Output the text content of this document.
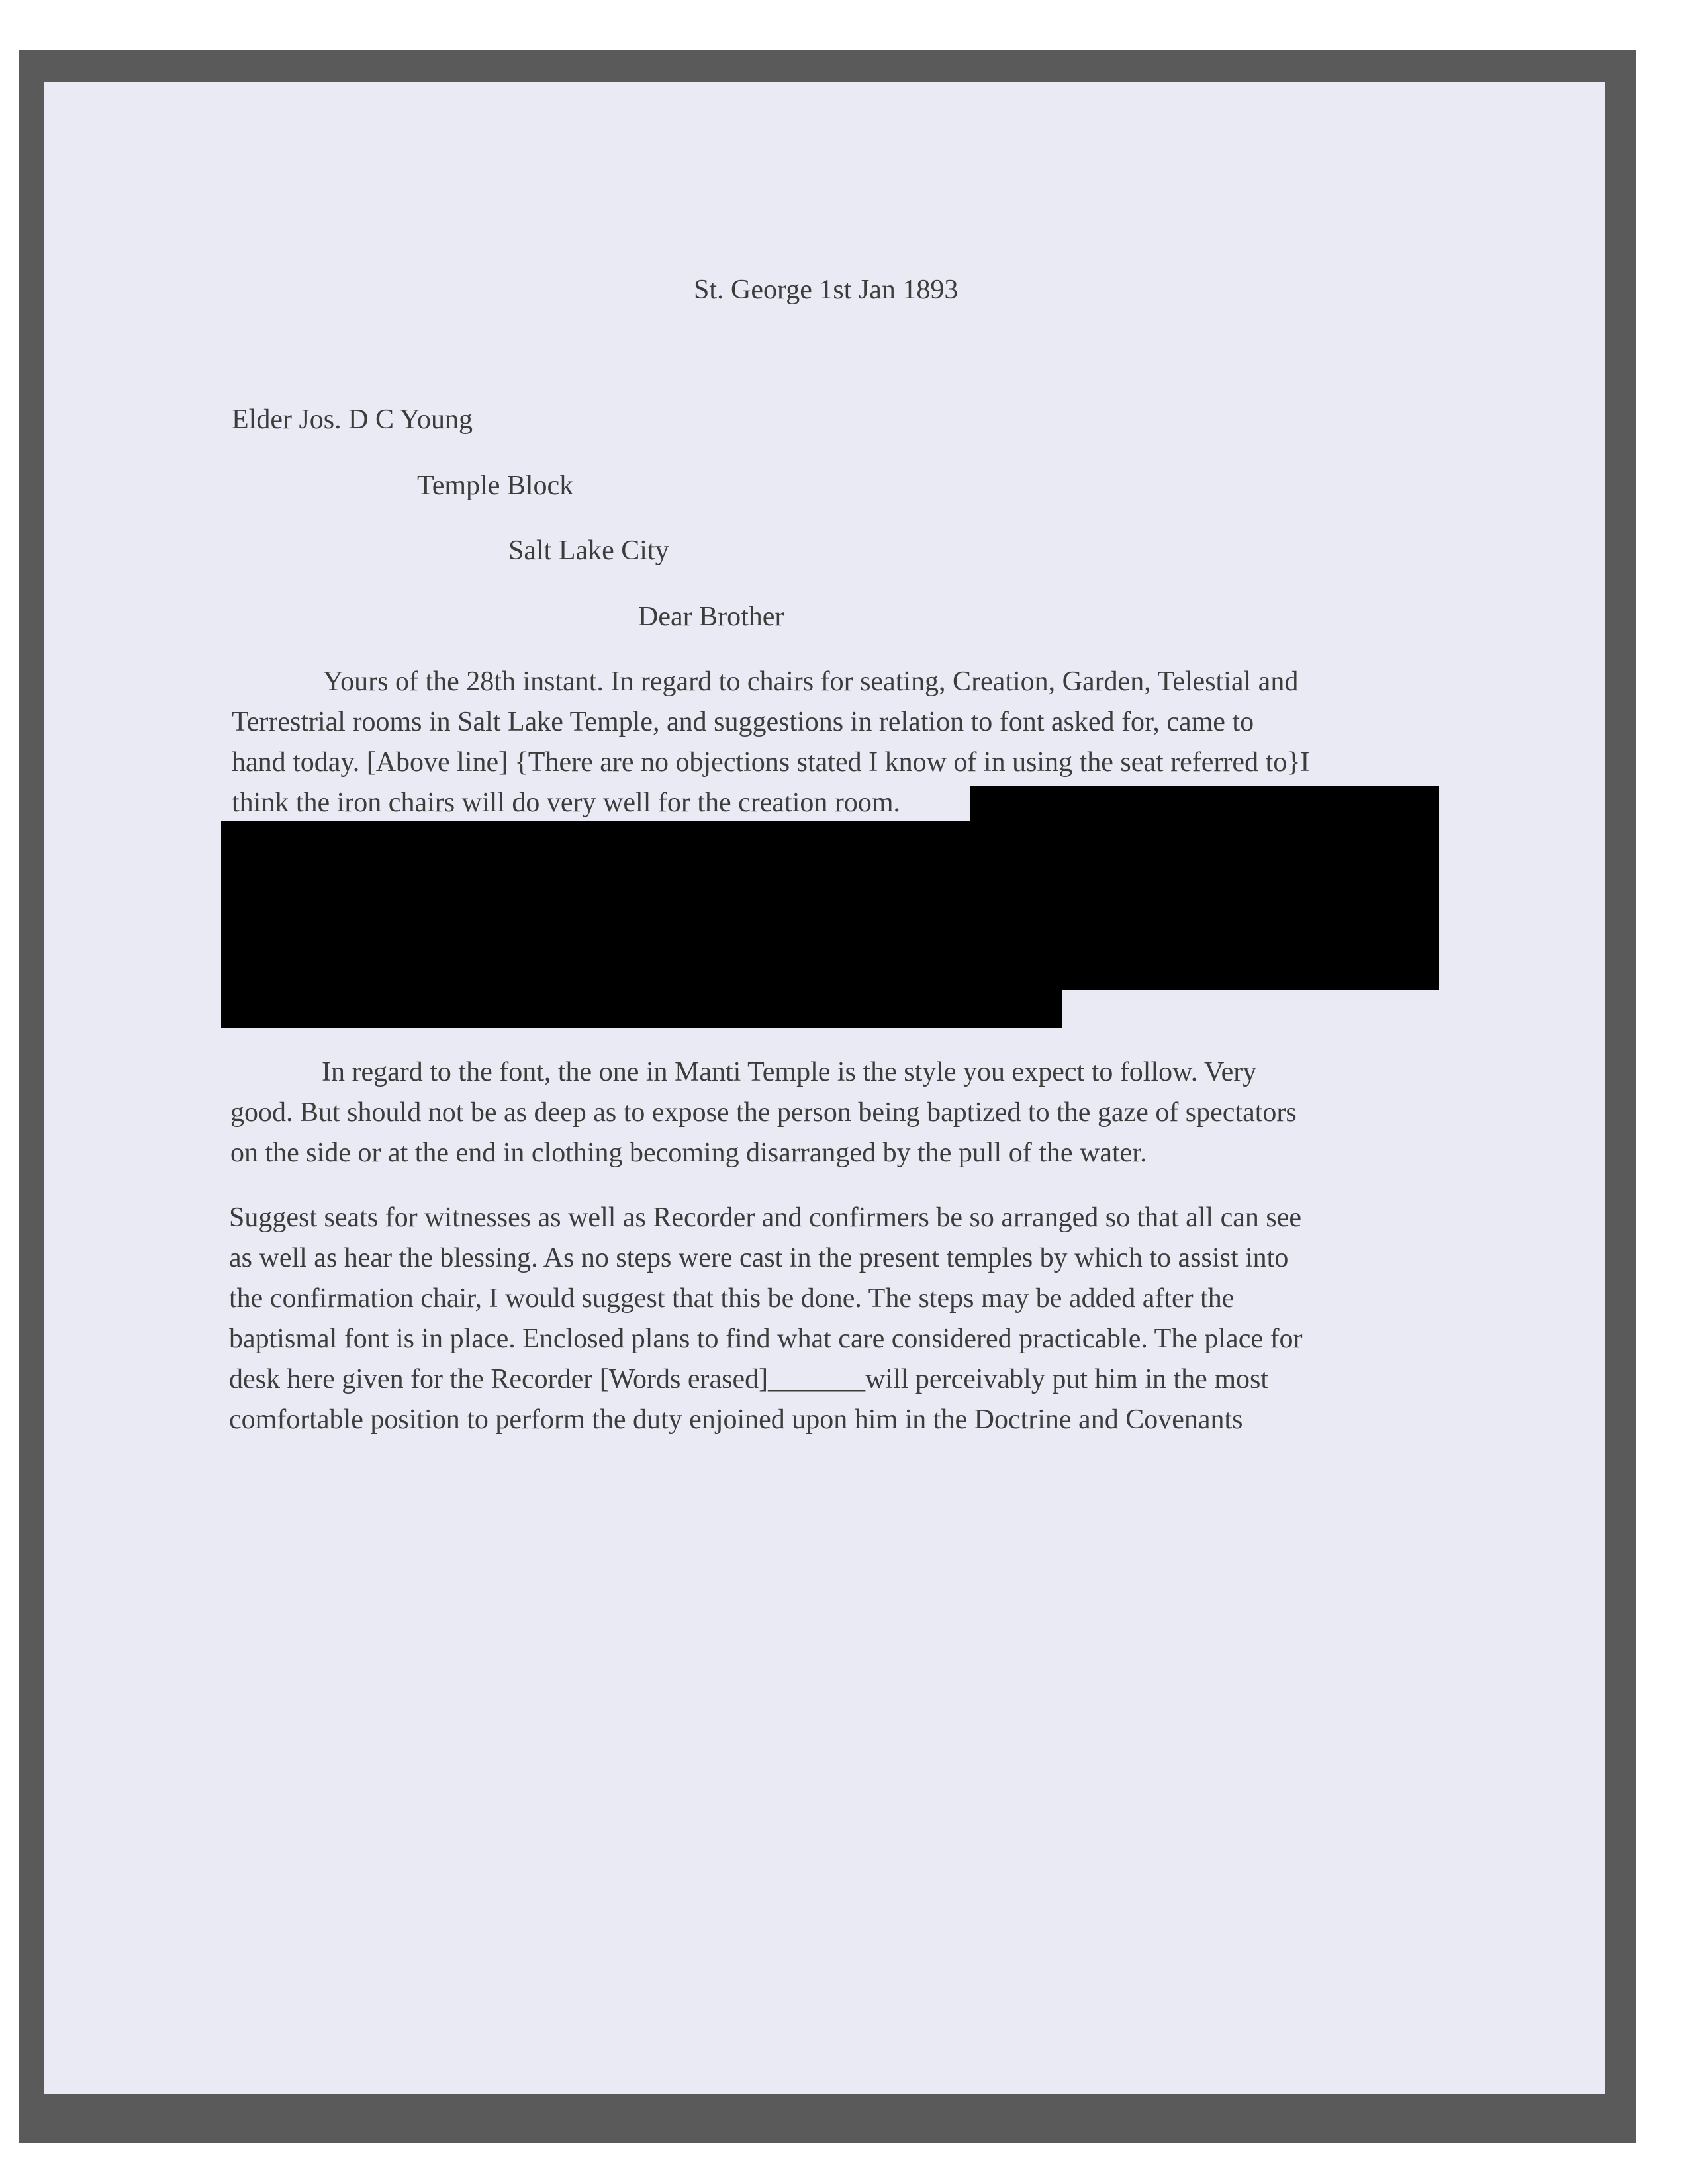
St. George 1st Jan 1893

Elder Jos. D C Young

Temple Block

Salt Lake City

Dear Brother

Yours of the 28th instant. In regard to chairs for seating, Creation, Garden, Telestial and

Terrestrial rooms in Salt Lake Temple, and suggestions in relation to font asked for, came to

hand today. [Above line] {There are no objections stated I know of in using the seat referred to}I

think the iron chairs will do very well for the creation room.

In regard to the font, the one in Manti Temple is the style you expect to follow. Very

good. But should not be as deep as to expose the person being baptized to the gaze of spectators

on the side or at the end in clothing becoming disarranged by the pull of the water.

Suggest seats for witnesses as well as Recorder and confirmers be so arranged so that all can see

as well as hear the blessing. As no steps were cast in the present temples by which to assist into

the confirmation chair, I would suggest that this be done. The steps may be added after the

baptismal font is in place. Enclosed plans to find what care considered practicable. The place for

desk here given for the Recorder [Words erased]_______will perceivably put him in the most

comfortable position to perform the duty enjoined upon him in the Doctrine and Covenants
